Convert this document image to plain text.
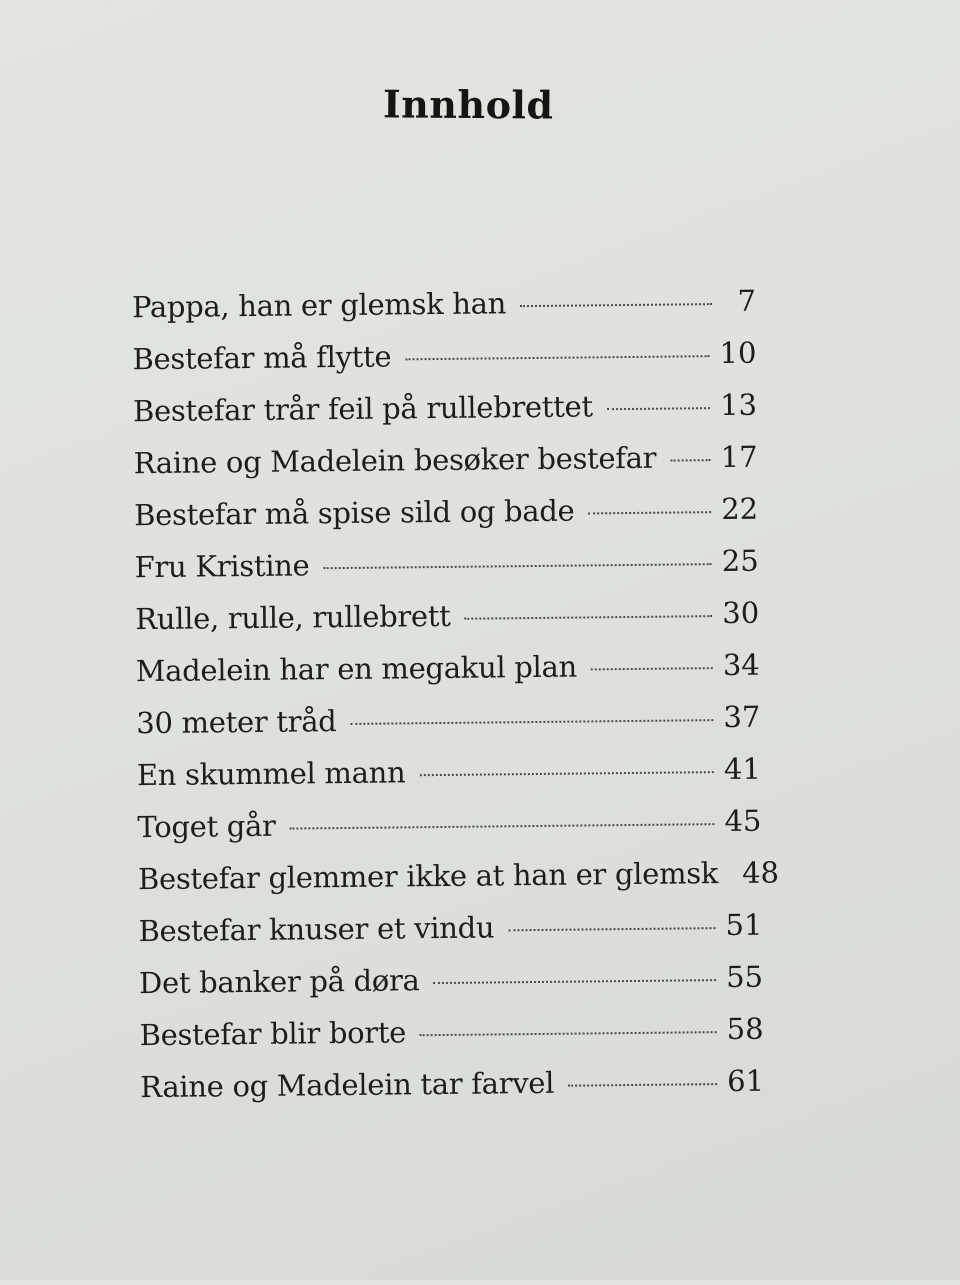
Innhold
Pappa, han er glemsk han	7
Bestefar må flytte	10
Bestefar trår feil på rullebrettet	13
Raine og Madelein besøker bestefar 17
Bestefar må spise sild og bade	22
Fru Kristine	25
Rulle, rulle, rullebrett	30
Madelein har en megakul plan	34
30 meter tråd	37
En skummel mann	41
Toget går	45
Bestefar glemmer ikke at han er glemsk 48
Bestefar knuser et vindu	51
Det banker på døra	55
Bestefar blir borte	58
Raine og Madelein tar farvel	61
